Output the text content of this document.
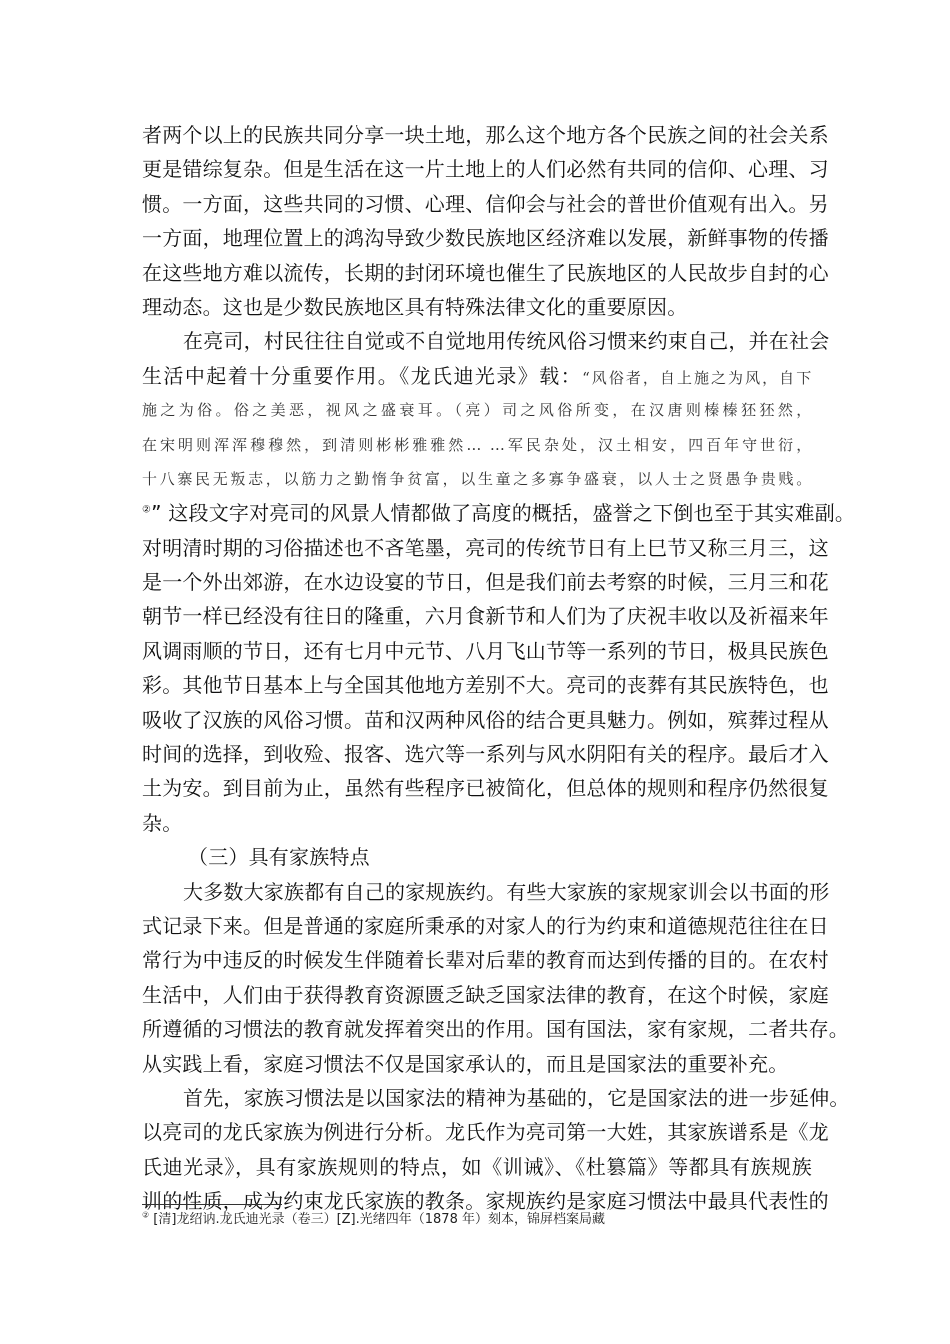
者两个以上的民族共同分享一块土地，那么这个地方各个民族之间的社会关系
更是错综复杂。但是生活在这一片土地上的人们必然有共同的信仰、心理、习
惯。一方面，这些共同的习惯、心理、信仰会与社会的普世价值观有出入。另
一方面，地理位置上的鸿沟导致少数民族地区经济难以发展，新鲜事物的传播
在这些地方难以流传，长期的封闭环境也催生了民族地区的人民故步自封的心
理动态。这也是少数民族地区具有特殊法律文化的重要原因。
在亮司，村民往往自觉或不自觉地用传统风俗习惯来约束自己，并在社会
生活中起着十分重要作用。《龙氏迪光录》载：“风俗者，自上施之为风，自下
施之为俗。俗之美恶，视风之盛衰耳。（亮）司之风俗所变，在汉唐则榛榛狉狉然，
在宋明则浑浑穆穆然，到清则彬彬雅雅然… …军民杂处，汉土相安，四百年守世衍，
十八寨民无叛志，以筋力之勤惰争贫富，以生童之多寡争盛衰，以人士之贤愚争贵贱。
②” 这段文字对亮司的风景人情都做了高度的概括，盛誉之下倒也至于其实难副。
对明清时期的习俗描述也不吝笔墨，亮司的传统节日有上巳节又称三月三，这
是一个外出郊游，在水边设宴的节日，但是我们前去考察的时候，三月三和花
朝节一样已经没有往日的隆重，六月食新节和人们为了庆祝丰收以及祈福来年
风调雨顺的节日，还有七月中元节、八月飞山节等一系列的节日，极具民族色
彩。其他节日基本上与全国其他地方差别不大。亮司的丧葬有其民族特色，也
吸收了汉族的风俗习惯。苗和汉两种风俗的结合更具魅力。例如，殡葬过程从
时间的选择，到收殓、报客、选穴等一系列与风水阴阳有关的程序。最后才入
土为安。到目前为止，虽然有些程序已被简化，但总体的规则和程序仍然很复
杂。
（三）具有家族特点
大多数大家族都有自己的家规族约。有些大家族的家规家训会以书面的形
式记录下来。但是普通的家庭所秉承的对家人的行为约束和道德规范往往在日
常行为中违反的时候发生伴随着长辈对后辈的教育而达到传播的目的。在农村
生活中，人们由于获得教育资源匮乏缺乏国家法律的教育，在这个时候，家庭
所遵循的习惯法的教育就发挥着突出的作用。国有国法，家有家规，二者共存。
从实践上看，家庭习惯法不仅是国家承认的，而且是国家法的重要补充。
首先，家族习惯法是以国家法的精神为基础的，它是国家法的进一步延伸。
以亮司的龙氏家族为例进行分析。龙氏作为亮司第一大姓，其家族谱系是《龙
氏迪光录》，具有家族规则的特点，如《训诫》、《杜篡篇》等都具有族规族
训的性质，成为约束龙氏家族的教条。家规族约是家庭习惯法中最具代表性的
② [清]龙绍讷.龙氏迪光录（卷三）[Z].光绪四年（1878 年）刻本，锦屏档案局藏
